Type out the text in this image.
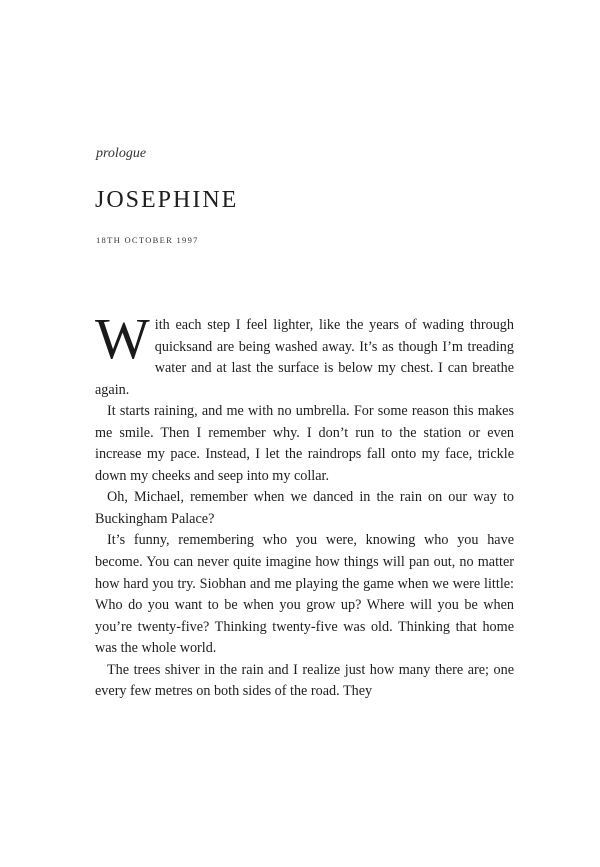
prologue
JOSEPHINE
18TH OCTOBER 1997

With each step I feel lighter, like the years of wading through quicksand are being washed away. It’s as though I’m treading water and at last the surface is below my chest. I can breathe again.

It starts raining, and me with no umbrella. For some reason this makes me smile. Then I remember why. I don’t run to the station or even increase my pace. Instead, I let the raindrops fall onto my face, trickle down my cheeks and seep into my collar.

Oh, Michael, remember when we danced in the rain on our way to Buckingham Palace?

It’s funny, remembering who you were, knowing who you have become. You can never quite imagine how things will pan out, no matter how hard you try. Siobhan and me playing the game when we were little: Who do you want to be when you grow up? Where will you be when you’re twenty-five? Thinking twenty-five was old. Thinking that home was the whole world.

The trees shiver in the rain and I realize just how many there are; one every few metres on both sides of the road. They
